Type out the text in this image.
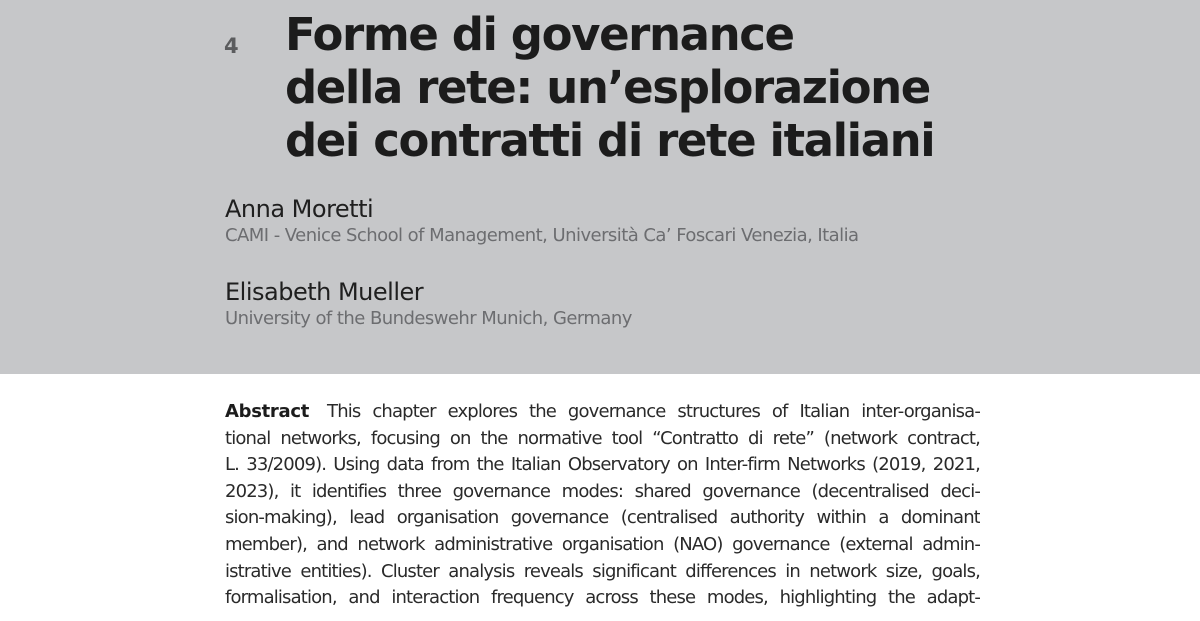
4 Forme di governance
della rete: un’esplorazione
dei contratti di rete italiani
Anna Moretti
CAMI - Venice School of Management, Università Ca’ Foscari Venezia, Italia
Elisabeth Mueller
University of the Bundeswehr Munich, Germany
Abstract This chapter explores the governance structures of Italian inter-organisa-
tional networks, focusing on the normative tool “Contratto di rete” (network contract,
L. 33/2009). Using data from the Italian Observatory on Inter-firm Networks (2019, 2021,
2023), it identifies three governance modes: shared governance (decentralised deci-
sion-making), lead organisation governance (centralised authority within a dominant
member), and network administrative organisation (NAO) governance (external admin-
istrative entities). Cluster analysis reveals significant differences in network size, goals,
formalisation, and interaction frequency across these modes, highlighting the adapt-
